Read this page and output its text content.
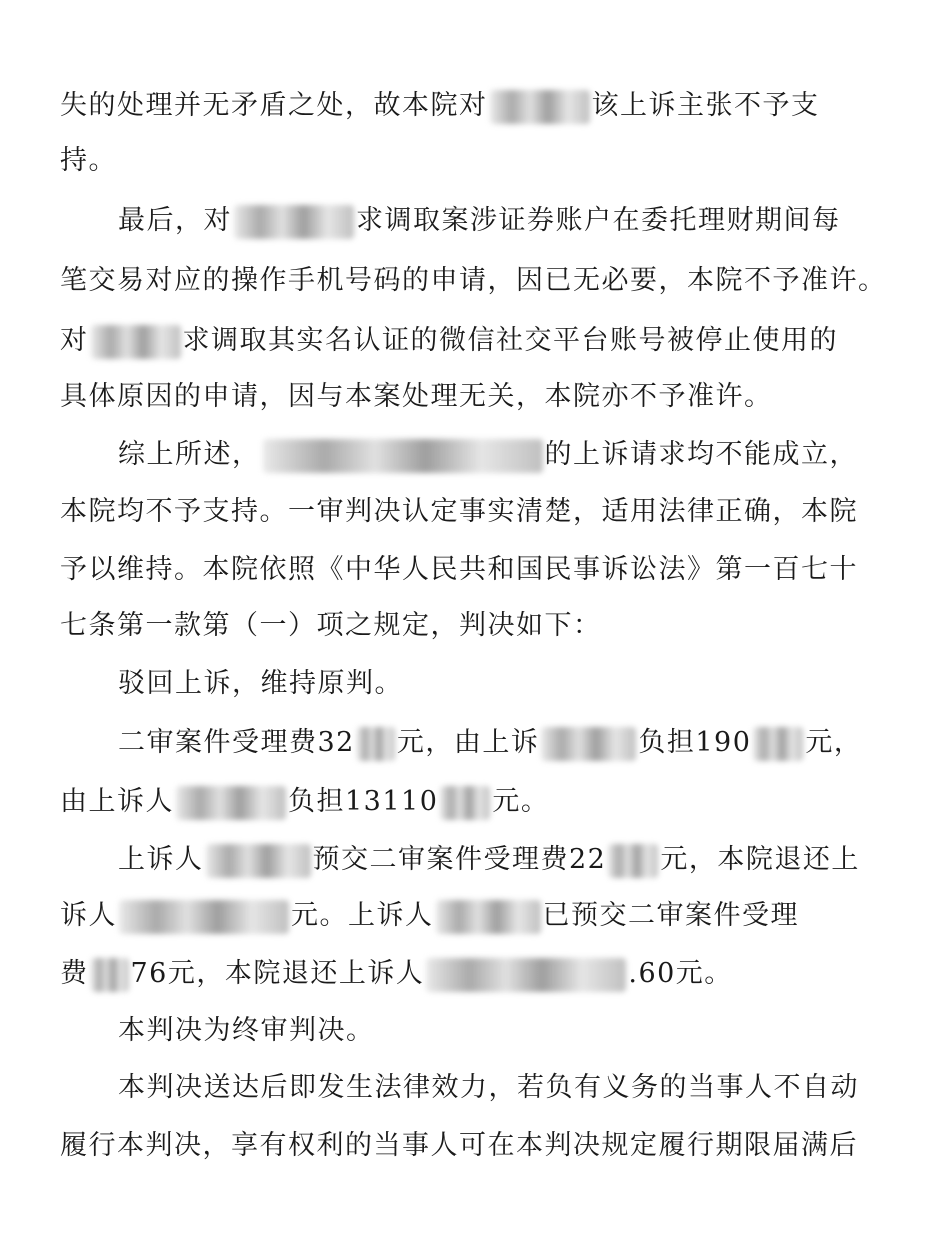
失的处理并无矛盾之处，故本院对	该上诉主张不予支
持。
最后，对	求调取案涉证券账户在委托理财期间每
笔交易对应的操作手机号码的申请，因已无必要，本院不予准许。
对	求调取其实名认证的微信社交平台账号被停止使用的
具体原因的申请，因与本案处理无关，本院亦不予准许。
综上所述，	的上诉请求均不能成立，
本院均不予支持。一审判决认定事实清楚，适用法律正确，本院
予以维持。本院依照《中华人民共和国民事诉讼法》第一百七十
七条第一款第（一）项之规定，判决如下：
驳回上诉，维持原判。
二审案件受理费32 元，由上诉	负担190 元，
由上诉人	负担13110 元。
上诉人	预交二审案件受理费22 元，本院退还上
诉人	元。上诉人	已预交二审案件受理
费 76元，本院退还上诉人	.60元。
本判决为终审判决。
本判决送达后即发生法律效力，若负有义务的当事人不自动
履行本判决，享有权利的当事人可在本判决规定履行期限届满后
